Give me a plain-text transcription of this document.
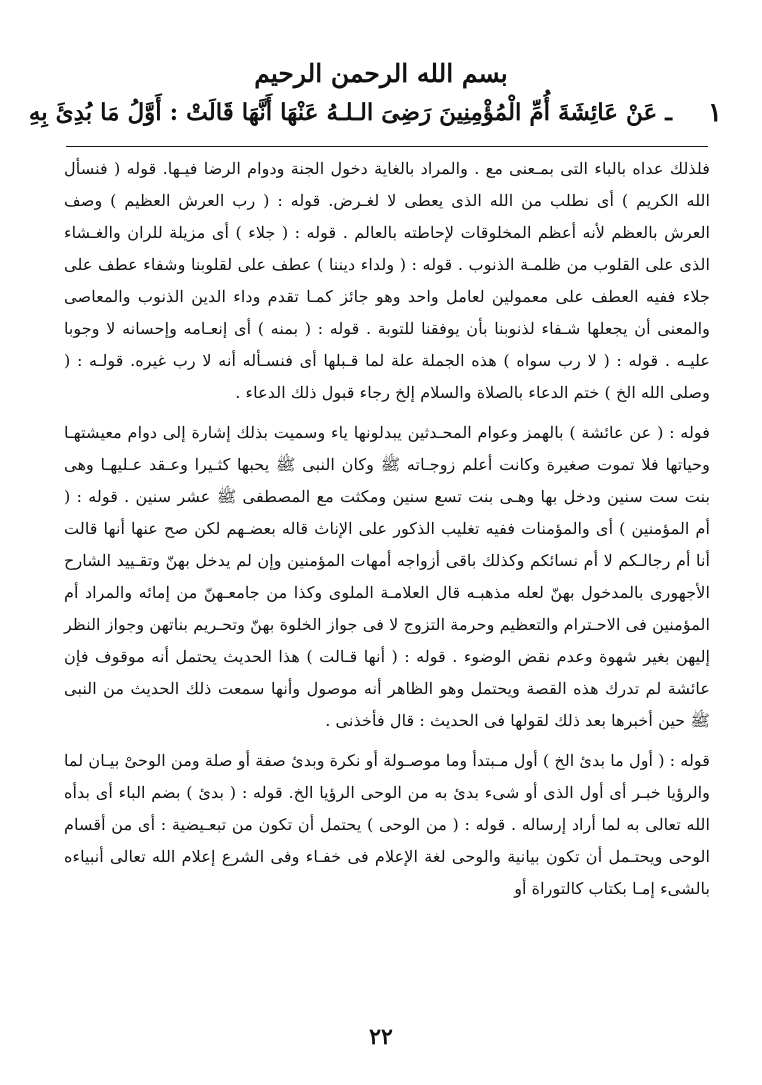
بسم الله الرحمن الرحيم
١
ـ عَنْ عَائِشَةَ أُمِّ الْمُؤْمِنِينَ رَضِىَ الـلـهُ عَنْهَا أَنَّهَا قَالَتْ : أَوَّلُ مَا بُدِئَ بِهِ

فلذلك عداه بالباء التى بمـعنى مع . والمراد بالغاية دخول الجنة ودوام الرضا فيـها. قوله ( فنسأل الله الكريم ) أى نطلب من الله الذى يعطى لا لغـرض. قوله : ( رب العرش العظيم ) وصف العرش بالعظم لأنه أعظم المخلوقات لإحاطته بالعالم . قوله : ( جلاء ) أى مزيلة للران والغـشاء الذى على القلوب من ظلمـة الذنوب . قوله : ( ولداء ديننا ) عطف على لقلوبنا وشفاء عطف على جلاء ففيه العطف على معمولين لعامل واحد وهو جائز كمـا تقدم وداء الدين الذنوب والمعاصى والمعنى أن يجعلها شـفاء لذنوبنا بأن يوفقنا للتوبة . قوله : ( بمنه ) أى إنعـامه وإحسانه لا وجوبا عليـه . قوله : ( لا رب سواه ) هذه الجملة علة لما قـبلها أى فنسـأله أنه لا رب غيره. قولـه : ( وصلى الله الخ ) ختم الدعاء بالصلاة والسلام إلخ رجاء قبول ذلك الدعاء .

فوله : ( عن عائشة ) بالهمز وعوام المحـدثين يبدلونها ياء وسميت بذلك إشارة إلى دوام معيشتهـا وحياتها فلا تموت صغيرة وكانت أعلم زوجـاته ﷺ وكان النبى ﷺ يحبها كثـيرا وعـقد عـليهـا وهى بنت ست سنين ودخل بها وهـى بنت تسع سنين ومكثت مع المصطفى ﷺ عشر سنين . قوله : ( أم المؤمنين ) أى والمؤمنات ففيه تغليب الذكور على الإناث قاله بعضـهم لكن صح عنها أنها قالت أنا أم رجالـكم لا أم نسائكم وكذلك باقى أزواجه أمهات المؤمنين وإن لم يدخل بهنّ وتقـييد الشارح الأجهورى بالمدخول بهنّ لعله مذهبـه قال العلامـة الملوى وكذا من جامعـهنّ من إمائه والمراد أم المؤمنين فى الاحـترام والتعظيم وحرمة التزوج لا فى جواز الخلوة بهنّ وتحـريم بناتهن وجواز النظر إليهن بغير شهوة وعدم نقض الوضوء . قوله : ( أنها قـالت ) هذا الحديث يحتمل أنه موقوف فإن عائشة لم تدرك هذه القصة ويحتمل وهو الظاهر أنه موصول وأنها سمعت ذلك الحديث من النبى ﷺ حين أخبرها بعد ذلك لقولها فى الحديث : قال فأخذنى .

قوله : ( أول ما بدئ الخ ) أول مـبتدأ وما موصـولة أو نكرة وبدئ صفة أو صلة ومن الوحىْ بيـان لما والرؤيا خبـر أى أول الذى أو شىء بدئ به من الوحى الرؤيا الخ. قوله : ( بدئ ) بضم الباء أى بدأه الله تعالى به لما أراد إرساله . قوله : ( من الوحى ) يحتمل أن تكون من تبعـيضية : أى من أقسام الوحى ويحتـمل أن تكون بيانية والوحى لغة الإعلام فى خفـاء وفى الشرع إعلام الله تعالى أنبياءه بالشىء إمـا بكتاب كالتوراة أو

٢٢
